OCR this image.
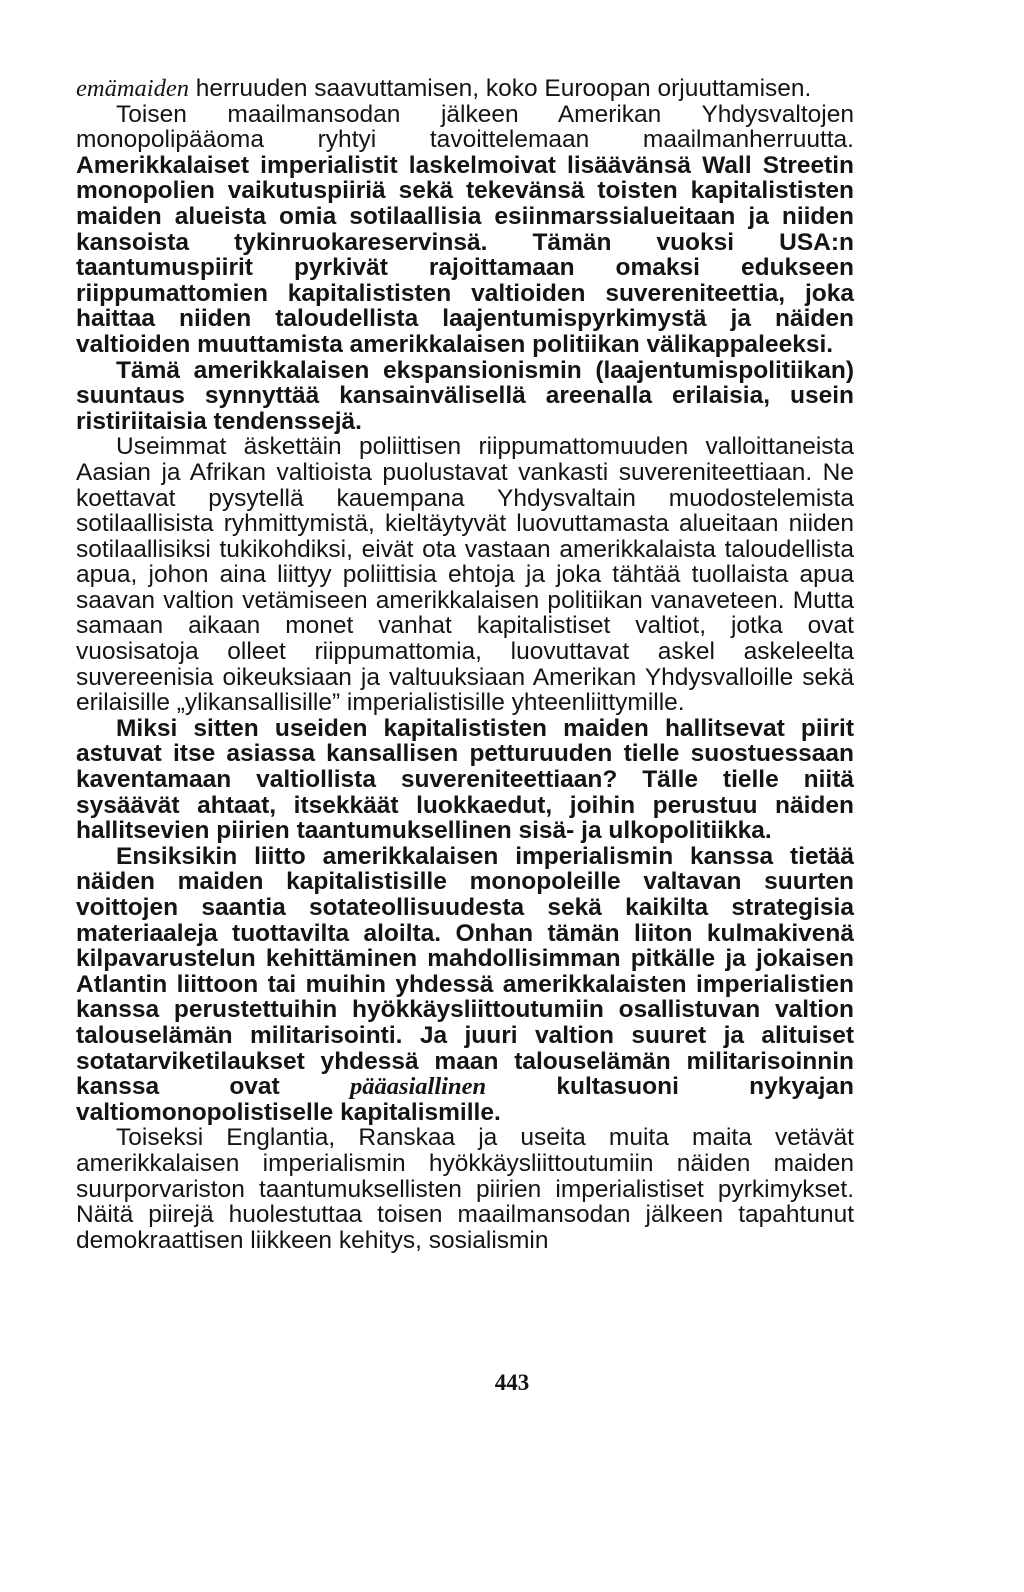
emämaiden herruuden saavuttamisen, koko Euroopan orjuuttamisen.

Toisen maailmansodan jälkeen Amerikan Yhdysvaltojen monopolipääoma ryhtyi tavoittelemaan maailmanherruutta. Amerikkalaiset imperialistit laskelmoivat lisäävänsä Wall Streetin monopolien vaikutuspiiriä sekä tekevänsä toisten kapitalististen maiden alueista omia sotilaallisia esiinmarssialueitaan ja niiden kansoista tykinruokareservinsä. Tämän vuoksi USA:n taantumuspiirit pyrkivät rajoittamaan omaksi edukseen riippumattomien kapitalististen valtioiden suvereniteettia, joka haittaa niiden taloudellista laajentumispyrkimystä ja näiden valtioiden muuttamista amerikkalaisen politiikan välikappaleeksi.

Tämä amerikkalaisen ekspansionismin (laajentumispolitiikan) suuntaus synnyttää kansainvälisellä areenalla erilaisia, usein ristiriitaisia tendenssejä.

Useimmat äskettäin poliittisen riippumattomuuden valloittaneista Aasian ja Afrikan valtioista puolustavat vankasti suvereniteettiaan. Ne koettavat pysytellä kauempana Yhdysvaltain muodostelemista sotilaallisista ryhmittymistä, kieltäytyvät luovuttamasta alueitaan niiden sotilaallisiksi tukikohdiksi, eivät ota vastaan amerikkalaista taloudellista apua, johon aina liittyy poliittisia ehtoja ja joka tähtää tuollaista apua saavan valtion vetämiseen amerikkalaisen politiikan vanaveteen. Mutta samaan aikaan monet vanhat kapitalistiset valtiot, jotka ovat vuosisatoja olleet riippumattomia, luovuttavat askel askeleelta suvereenisia oikeuksiaan ja valtuuksiaan Amerikan Yhdysvalloille sekä erilaisille „ylikansallisille” imperialistisille yhteenliittymille.

Miksi sitten useiden kapitalististen maiden hallitsevat piirit astuvat itse asiassa kansallisen petturuuden tielle suostuessaan kaventamaan valtiollista suvereniteettiaan? Tälle tielle niitä sysäävät ahtaat, itsekkäät luokkaedut, joihin perustuu näiden hallitsevien piirien taantumuksellinen sisä- ja ulkopolitiikka.

Ensiksikin liitto amerikkalaisen imperialismin kanssa tietää näiden maiden kapitalistisille monopoleille valtavan suurten voittojen saantia sotateollisuudesta sekä kaikilta strategisia materiaaleja tuottavilta aloilta. Onhan tämän liiton kulmakivenä kilpavarustelun kehittäminen mahdollisimman pitkälle ja jokaisen Atlantin liittoon tai muihin yhdessä amerikkalaisten imperialistien kanssa perustettuihin hyökkäysliittoutumiin osallistuvan valtion talouselämän militarisointi. Ja juuri valtion suuret ja alituiset sotatarviketilaukset yhdessä maan talouselämän militarisoinnin kanssa ovat pääasiallinen kultasuoni nykyajan valtiomonopolistiselle kapitalismille.

Toiseksi Englantia, Ranskaa ja useita muita maita vetävät amerikkalaisen imperialismin hyökkäysliittoutumiin näiden maiden suurporvariston taantumuksellisten piirien imperialistiset pyrkimykset. Näitä piirejä huolestuttaa toisen maailmansodan jälkeen tapahtunut demokraattisen liikkeen kehitys, sosialismin

443
